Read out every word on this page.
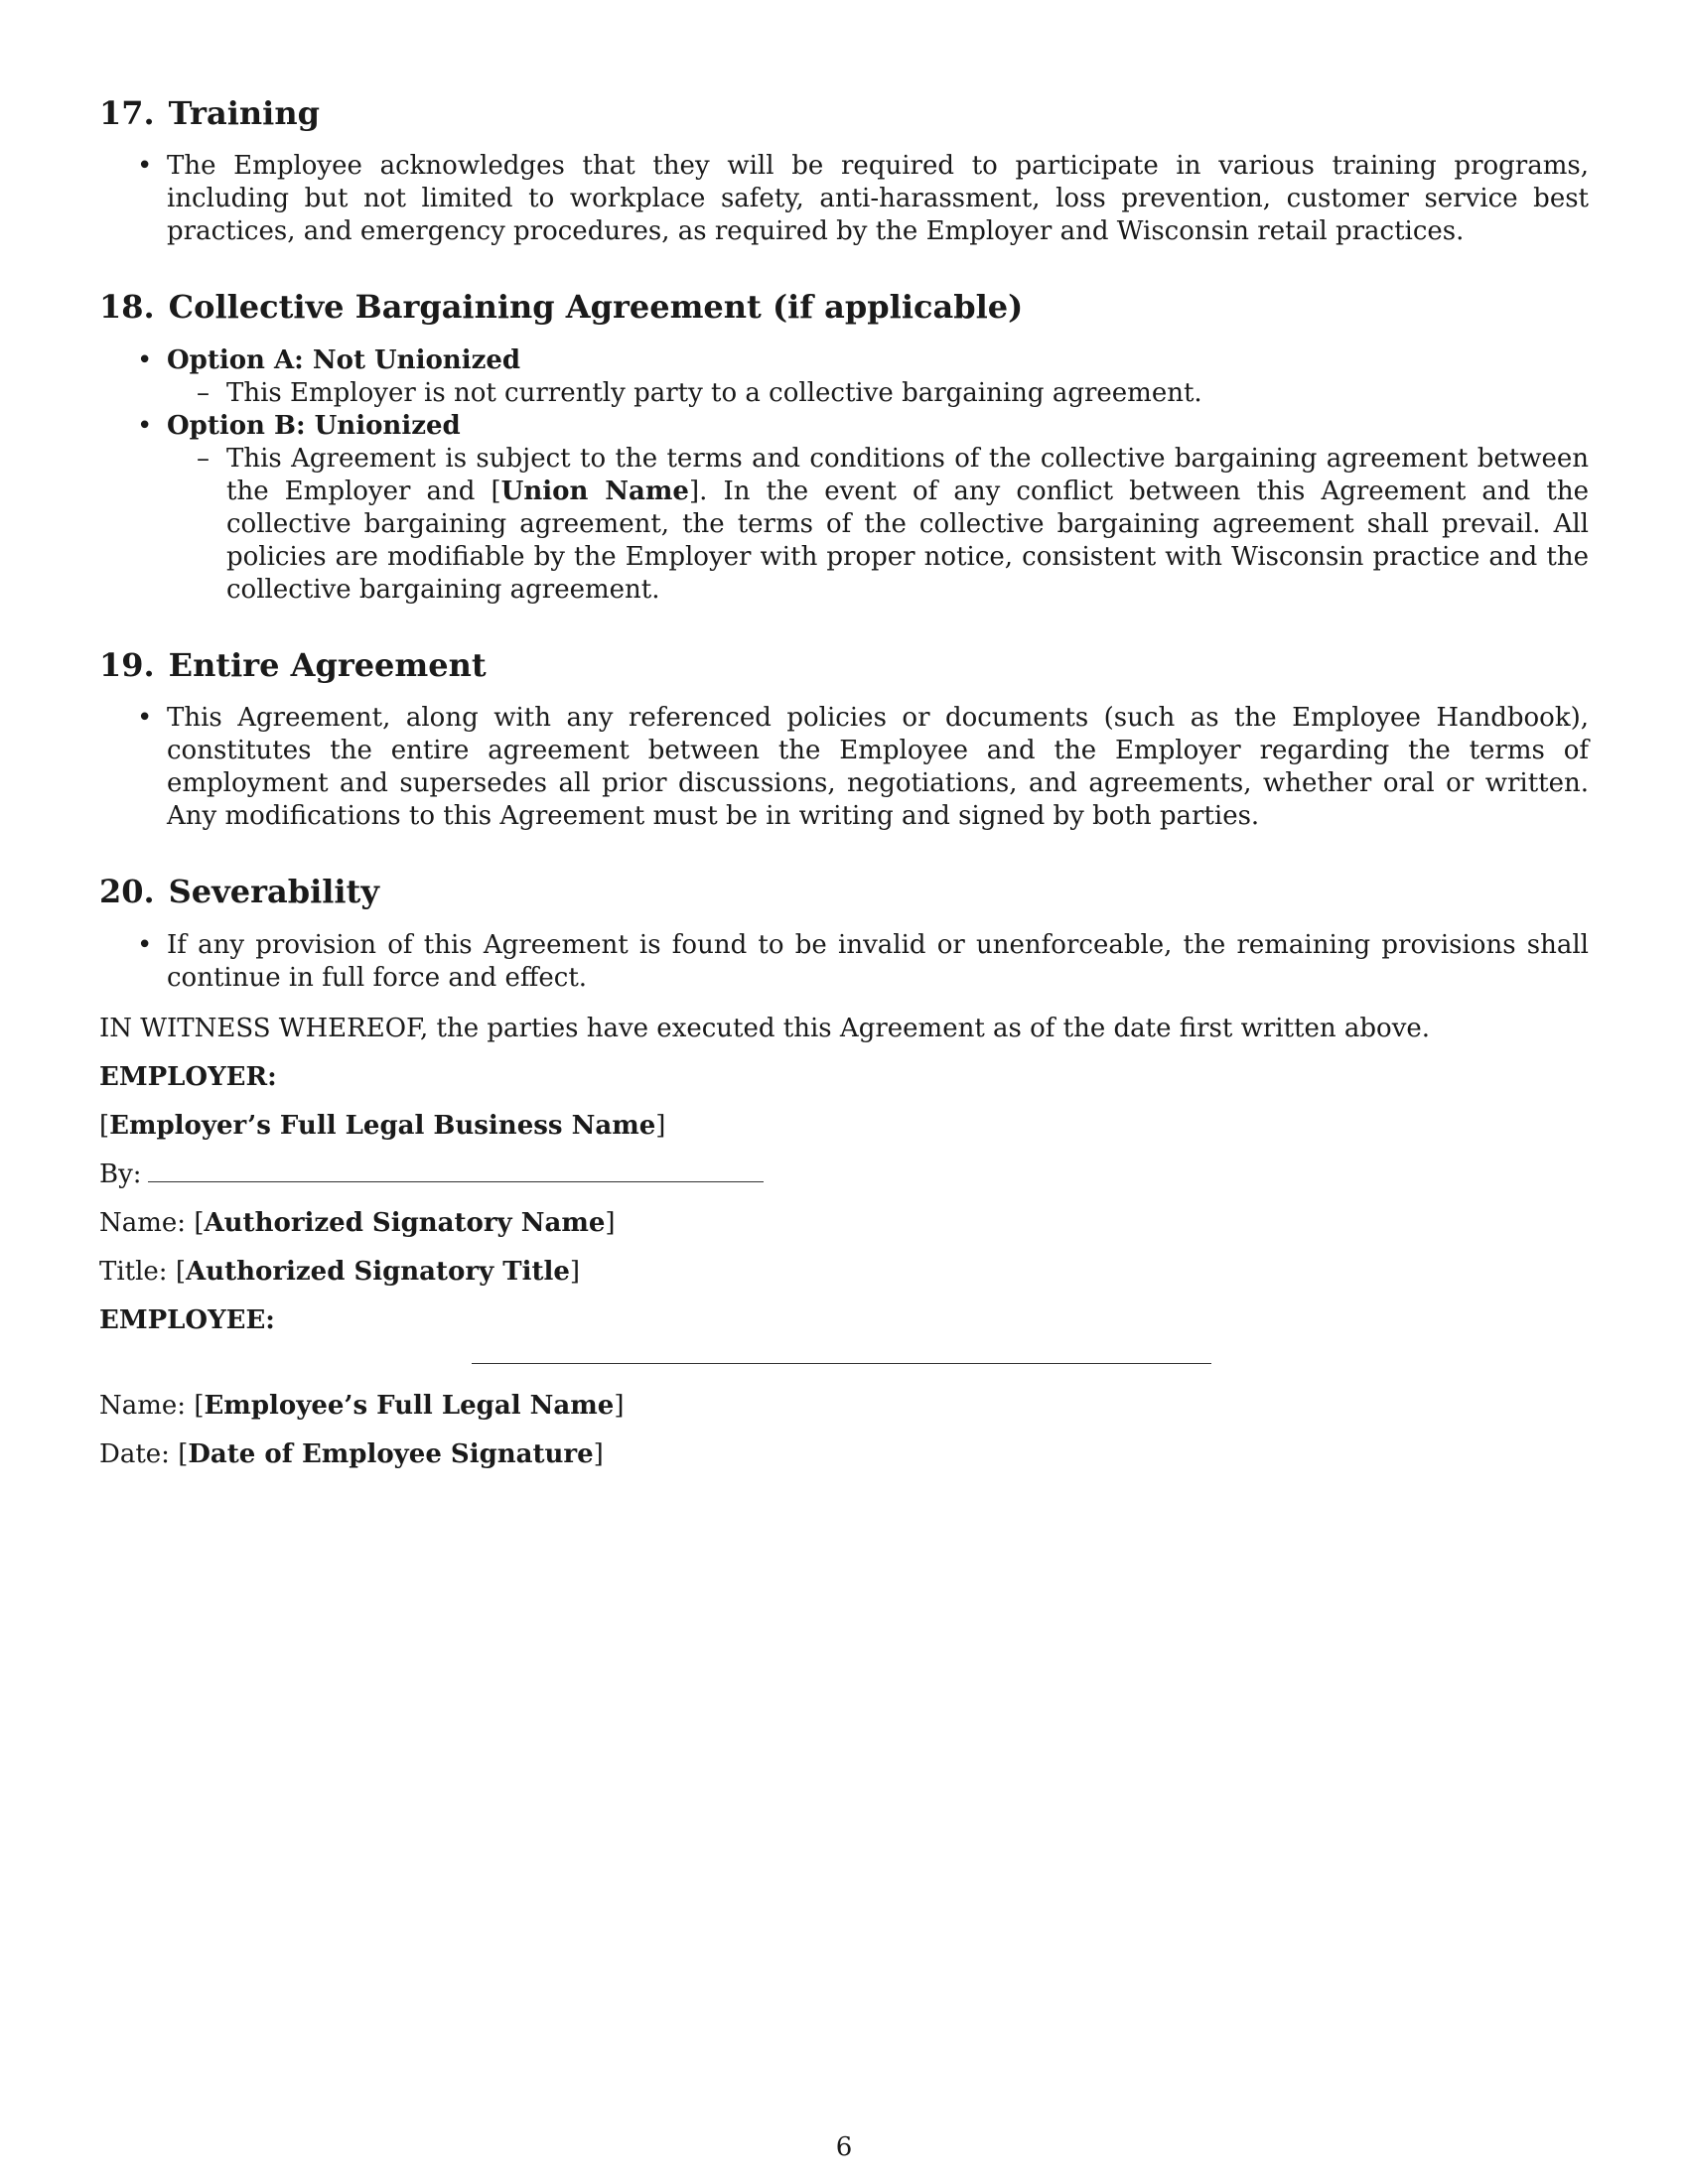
17. Training
• The Employee acknowledges that they will be required to participate in various training programs, including but not limited to workplace safety, anti-harassment, loss prevention, customer service best practices, and emergency procedures, as required by the Employer and Wisconsin retail practices.
18. Collective Bargaining Agreement (if applicable)
• Option A: Not Unionized
– This Employer is not currently party to a collective bargaining agreement.
• Option B: Unionized
– This Agreement is subject to the terms and conditions of the collective bargaining agreement between the Employer and [Union Name]. In the event of any conflict between this Agreement and the collective bargaining agreement, the terms of the collective bargaining agreement shall prevail. All policies are modifiable by the Employer with proper notice, consistent with Wisconsin practice and the collective bargaining agreement.
19. Entire Agreement
• This Agreement, along with any referenced policies or documents (such as the Employee Handbook), constitutes the entire agreement between the Employee and the Employer regarding the terms of employment and supersedes all prior discussions, negotiations, and agreements, whether oral or written. Any modifications to this Agreement must be in writing and signed by both parties.
20. Severability
• If any provision of this Agreement is found to be invalid or unenforceable, the remaining provisions shall continue in full force and effect.

IN WITNESS WHEREOF, the parties have executed this Agreement as of the date first written above.

EMPLOYER:

[Employer’s Full Legal Business Name]

By:

Name: [Authorized Signatory Name]

Title: [Authorized Signatory Title]

EMPLOYEE:

Name: [Employee’s Full Legal Name]

Date: [Date of Employee Signature]

6
